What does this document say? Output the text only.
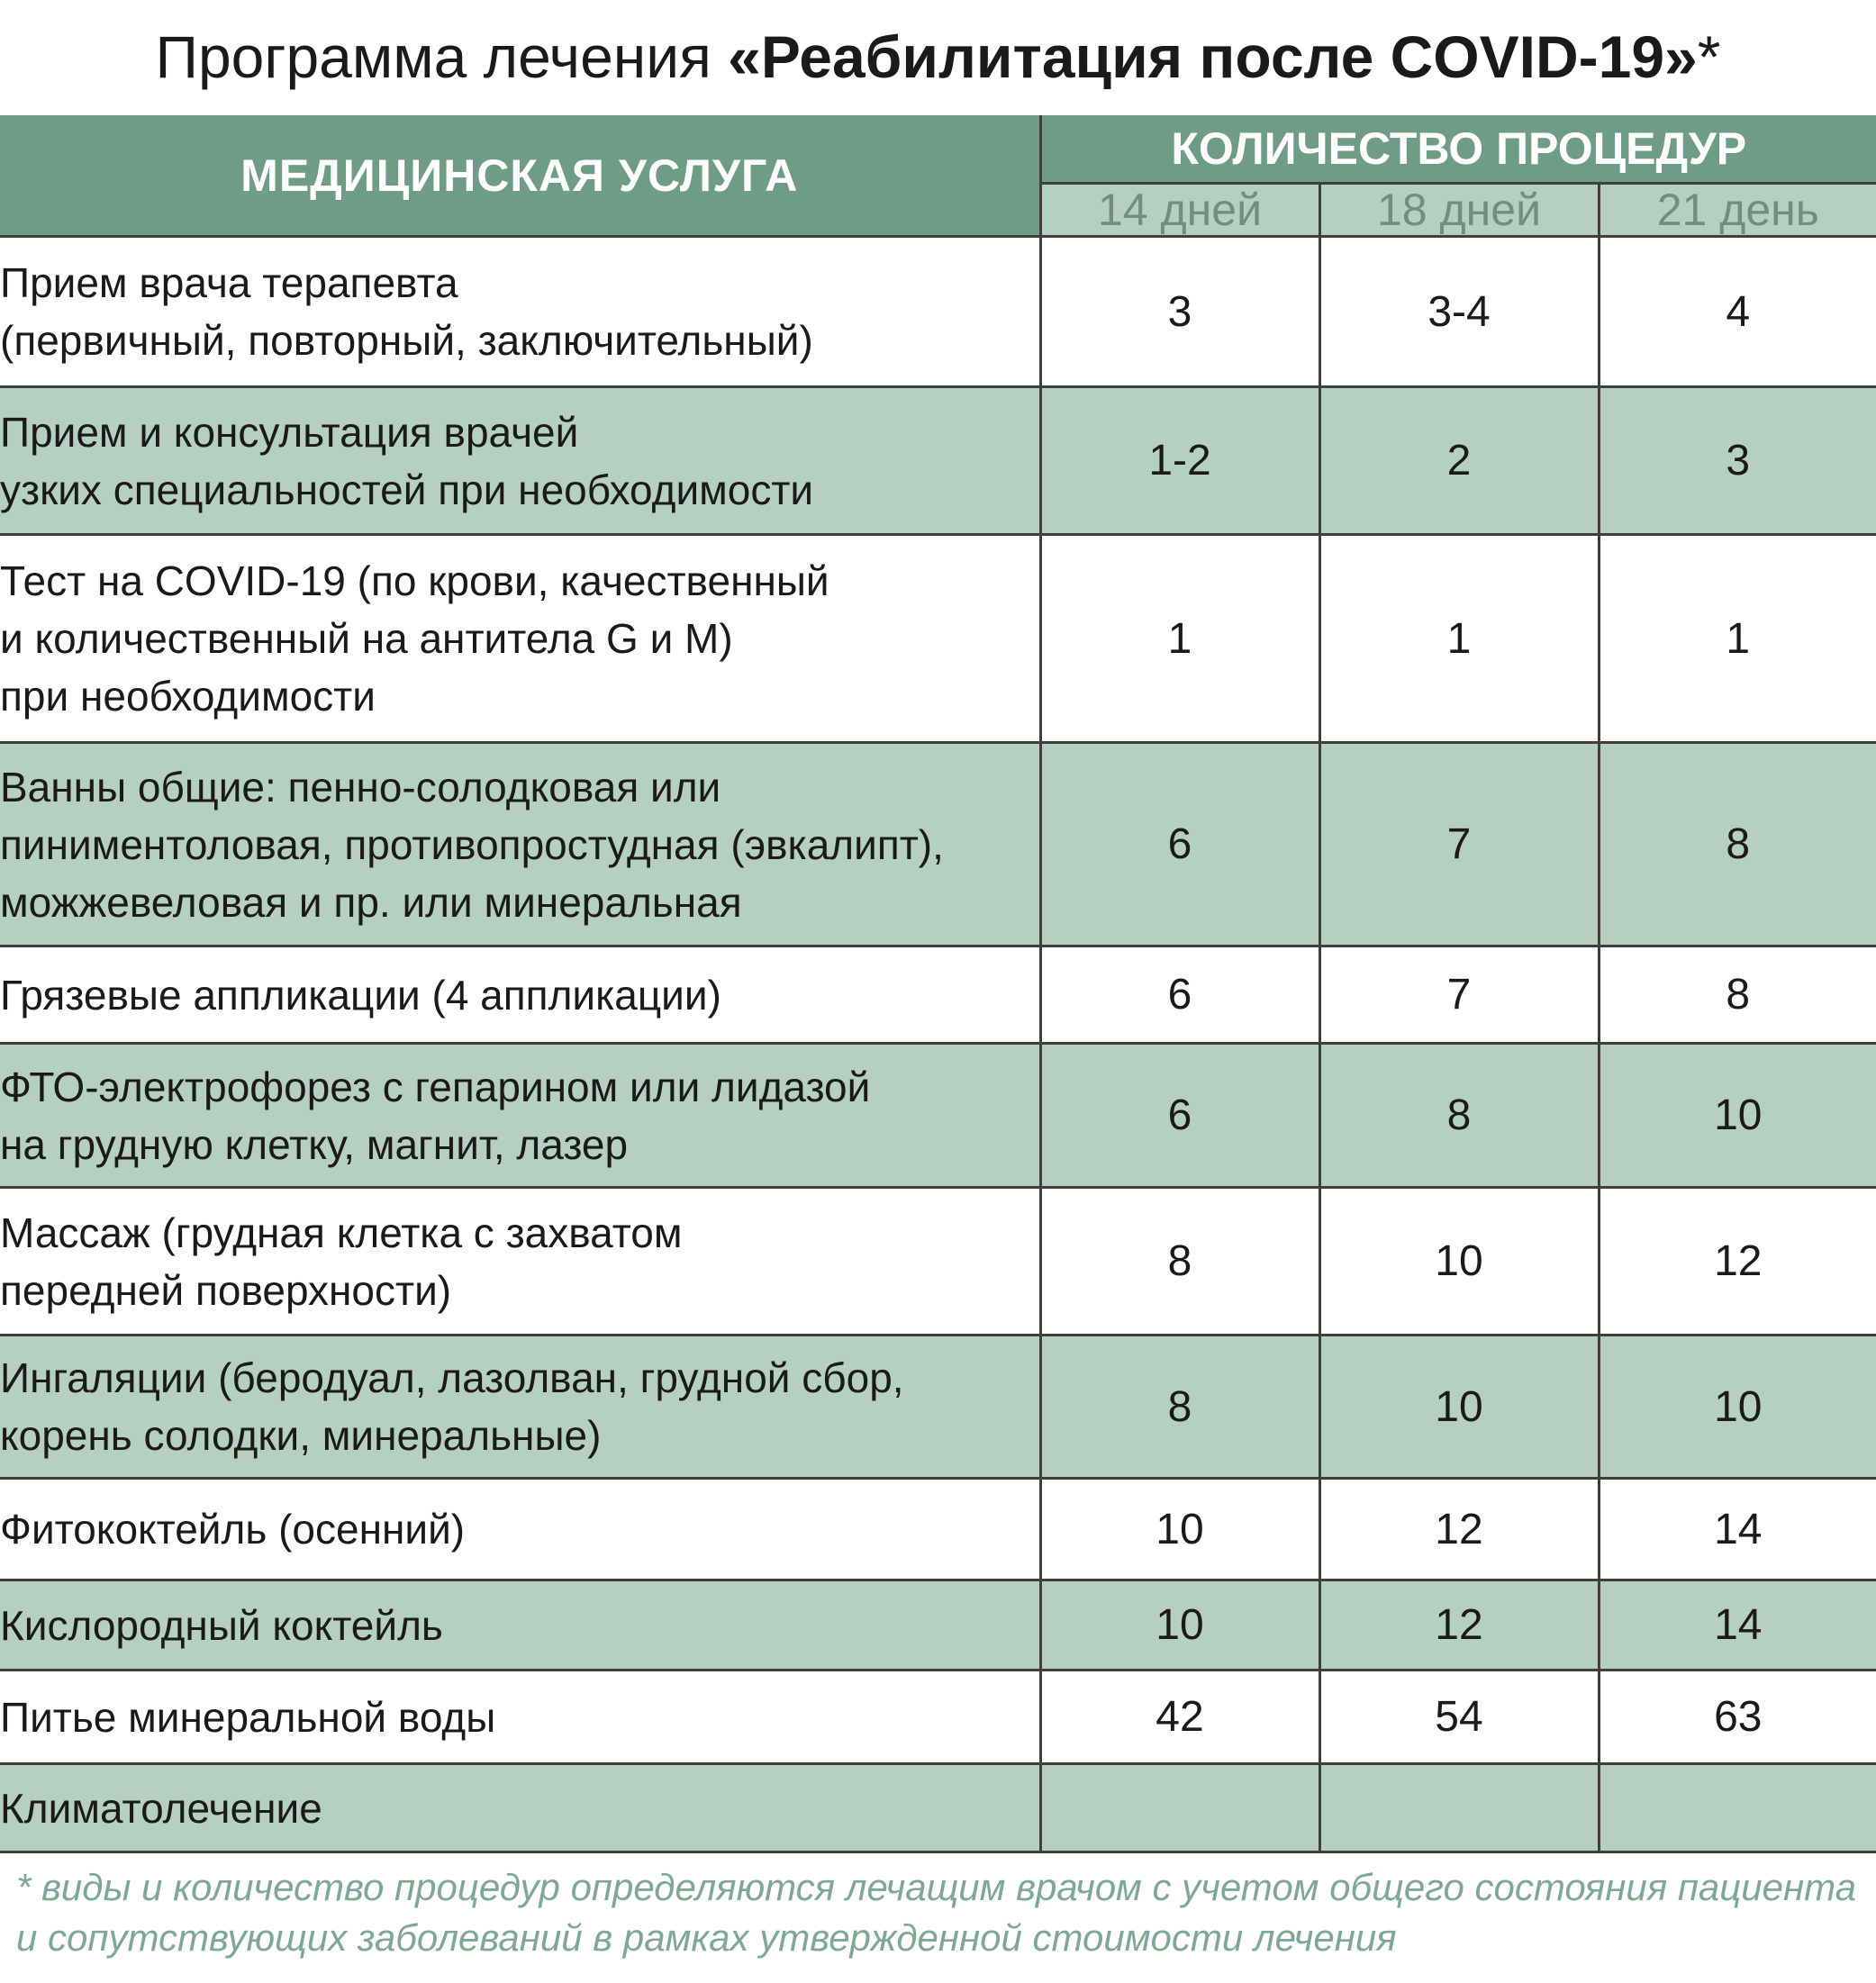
Программа лечения «Реабилитация после COVID-19»*
МЕДИЦИНСКАЯ УСЛУГА	КОЛИЧЕСТВО ПРОЦЕДУР		
	14 дней	18 дней	21 день
Прием врача терапевта
(первичный, повторный, заключительный)	3	3-4	4
Прием и консультация врачей
узких специальностей при необходимости	1-2	2	3
Тест на COVID-19 (по крови, качественный
и количественный на антитела G и M)
при необходимости	1	1	1
Ванны общие: пенно-солодковая или
пиниментоловая, противопростудная (эвкалипт),
можжевеловая и пр. или минеральная	6	7	8
Грязевые аппликации (4 аппликации)	6	7	8
ФТО-электрофорез с гепарином или лидазой
на грудную клетку, магнит, лазер	6	8	10
Массаж (грудная клетка с захватом
передней поверхности)	8	10	12
Ингаляции (беродуал, лазолван, грудной сбор,
корень солодки, минеральные)	8	10	10
Фитококтейль (осенний)	10	12	14
Кислородный коктейль	10	12	14
Питье минеральной воды	42	54	63
Климатолечение			
* виды и количество процедур определяются лечащим врачом с учетом общего состояния пациента и сопутствующих заболеваний в рамках утвержденной стоимости лечения
